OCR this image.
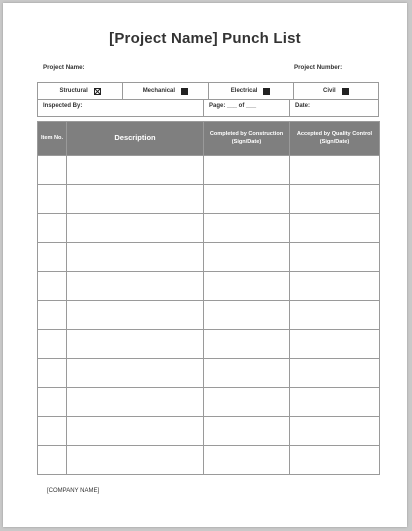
[Project Name] Punch List
Project Name:	Project Number:
Structural	Mechanical	Electrical	Civil
Inspected By:	Page: ___ of ___	Date:
Item No.	Description	Completed by Construction (Sign/Date)	Accepted by Quality Control (Sign/Date)

[COMPANY NAME]
